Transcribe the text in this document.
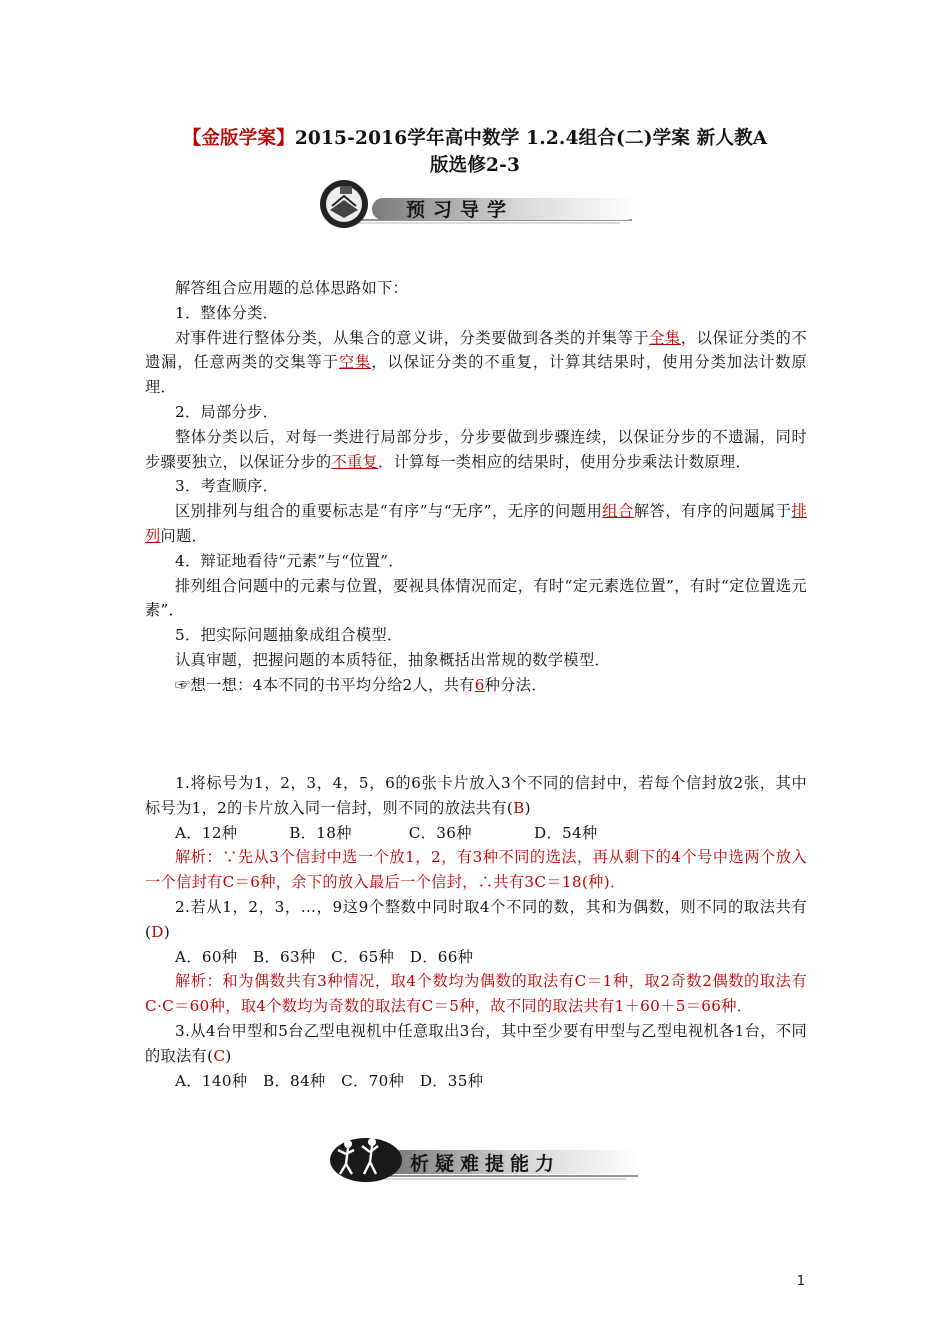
【金版学案】2015-2016学年高中数学 1.2.4组合(二)学案 新人教A
版选修2-3
预习导学

解答组合应用题的总体思路如下：

1．整体分类．

对事件进行整体分类，从集合的意义讲，分类要做到各类的并集等于全集，以保证分类的不遗漏，任意两类的交集等于空集，以保证分类的不重复，计算其结果时，使用分类加法计数原理．

2．局部分步．

整体分类以后，对每一类进行局部分步，分步要做到步骤连续，以保证分步的不遗漏，同时步骤要独立，以保证分步的不重复．计算每一类相应的结果时，使用分步乘法计数原理．

3．考查顺序．

区别排列与组合的重要标志是“有序”与“无序”，无序的问题用组合解答，有序的问题属于排列问题．

4．辩证地看待“元素”与“位置”．

排列组合问题中的元素与位置，要视具体情况而定，有时“定元素选位置”，有时“定位置选元素”．

5．把实际问题抽象成组合模型．

认真审题，把握问题的本质特征，抽象概括出常规的数学模型．

☞想一想：4本不同的书平均分给2人，共有6种分法．

1.将标号为1，2，3，4，5，6的6张卡片放入3个不同的信封中，若每个信封放2张，其中标号为1，2的卡片放入同一信封，则不同的放法共有(B)

A．12种          B．18种           C．36种            D．54种

解析：∵先从3个信封中选一个放1，2，有3种不同的选法，再从剩下的4个号中选两个放入一个信封有C＝6种，余下的放入最后一个信封，∴共有3C＝18(种)．

2.若从1，2，3，…，9这9个整数中同时取4个不同的数，其和为偶数，则不同的取法共有(D)

A．60种   B．63种   C．65种   D．66种

解析：和为偶数共有3种情况，取4个数均为偶数的取法有C＝1种，取2奇数2偶数的取法有C·C＝60种，取4个数均为奇数的取法有C＝5种，故不同的取法共有1＋60＋5＝66种．

3.从4台甲型和5台乙型电视机中任意取出3台，其中至少要有甲型与乙型电视机各1台，不同的取法有(C)

A．140种   B．84种   C．70种   D．35种

析疑难提能力
1
